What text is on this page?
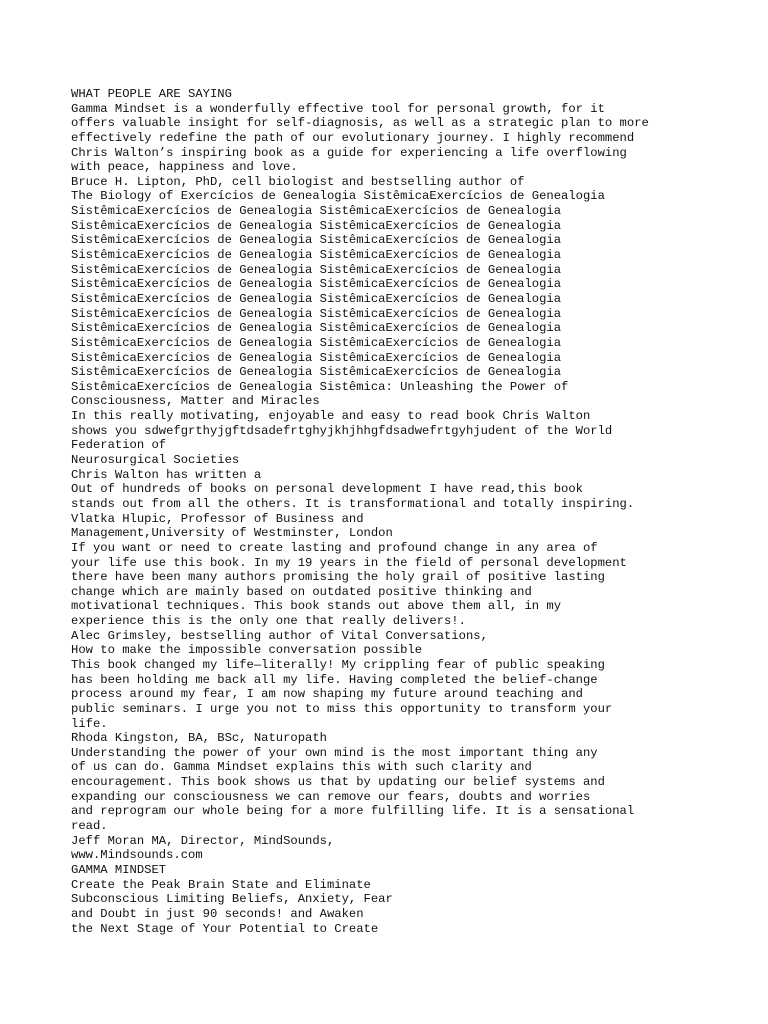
WHAT PEOPLE ARE SAYING
Gamma Mindset is a wonderfully effective tool for personal growth, for it
offers valuable insight for self-diagnosis, as well as a strategic plan to more
effectively redefine the path of our evolutionary journey. I highly recommend
Chris Walton’s inspiring book as a guide for experiencing a life overflowing
with peace, happiness and love.
Bruce H. Lipton, PhD, cell biologist and bestselling author of
The Biology of Exercícios de Genealogia SistêmicaExercícios de Genealogia
SistêmicaExercícios de Genealogia SistêmicaExercícios de Genealogia
SistêmicaExercícios de Genealogia SistêmicaExercícios de Genealogia
SistêmicaExercícios de Genealogia SistêmicaExercícios de Genealogia
SistêmicaExercícios de Genealogia SistêmicaExercícios de Genealogia
SistêmicaExercícios de Genealogia SistêmicaExercícios de Genealogia
SistêmicaExercícios de Genealogia SistêmicaExercícios de Genealogia
SistêmicaExercícios de Genealogia SistêmicaExercícios de Genealogia
SistêmicaExercícios de Genealogia SistêmicaExercícios de Genealogia
SistêmicaExercícios de Genealogia SistêmicaExercícios de Genealogia
SistêmicaExercícios de Genealogia SistêmicaExercícios de Genealogia
SistêmicaExercícios de Genealogia SistêmicaExercícios de Genealogia
SistêmicaExercícios de Genealogia SistêmicaExercícios de Genealogia
SistêmicaExercícios de Genealogia Sistêmica: Unleashing the Power of
Consciousness, Matter and Miracles
In this really motivating, enjoyable and easy to read book Chris Walton
shows you sdwefgrthyjgftdsadefrtghyjkhjhhgfdsadwefrtgyhjudent of the World
Federation of
Neurosurgical Societies
Chris Walton has written a
Out of hundreds of books on personal development I have read,this book
stands out from all the others. It is transformational and totally inspiring.
Vlatka Hlupic, Professor of Business and
Management,University of Westminster, London
If you want or need to create lasting and profound change in any area of
your life use this book. In my 19 years in the field of personal development
there have been many authors promising the holy grail of positive lasting
change which are mainly based on outdated positive thinking and
motivational techniques. This book stands out above them all, in my
experience this is the only one that really delivers!.
Alec Grimsley, bestselling author of Vital Conversations,
How to make the impossible conversation possible
This book changed my life—literally! My crippling fear of public speaking
has been holding me back all my life. Having completed the belief-change
process around my fear, I am now shaping my future around teaching and
public seminars. I urge you not to miss this opportunity to transform your
life.
Rhoda Kingston, BA, BSc, Naturopath
Understanding the power of your own mind is the most important thing any
of us can do. Gamma Mindset explains this with such clarity and
encouragement. This book shows us that by updating our belief systems and
expanding our consciousness we can remove our fears, doubts and worries
and reprogram our whole being for a more fulfilling life. It is a sensational
read.
Jeff Moran MA, Director, MindSounds,
www.Mindsounds.com
GAMMA MINDSET
Create the Peak Brain State and Eliminate
Subconscious Limiting Beliefs, Anxiety, Fear
and Doubt in just 90 seconds! and Awaken
the Next Stage of Your Potential to Create
